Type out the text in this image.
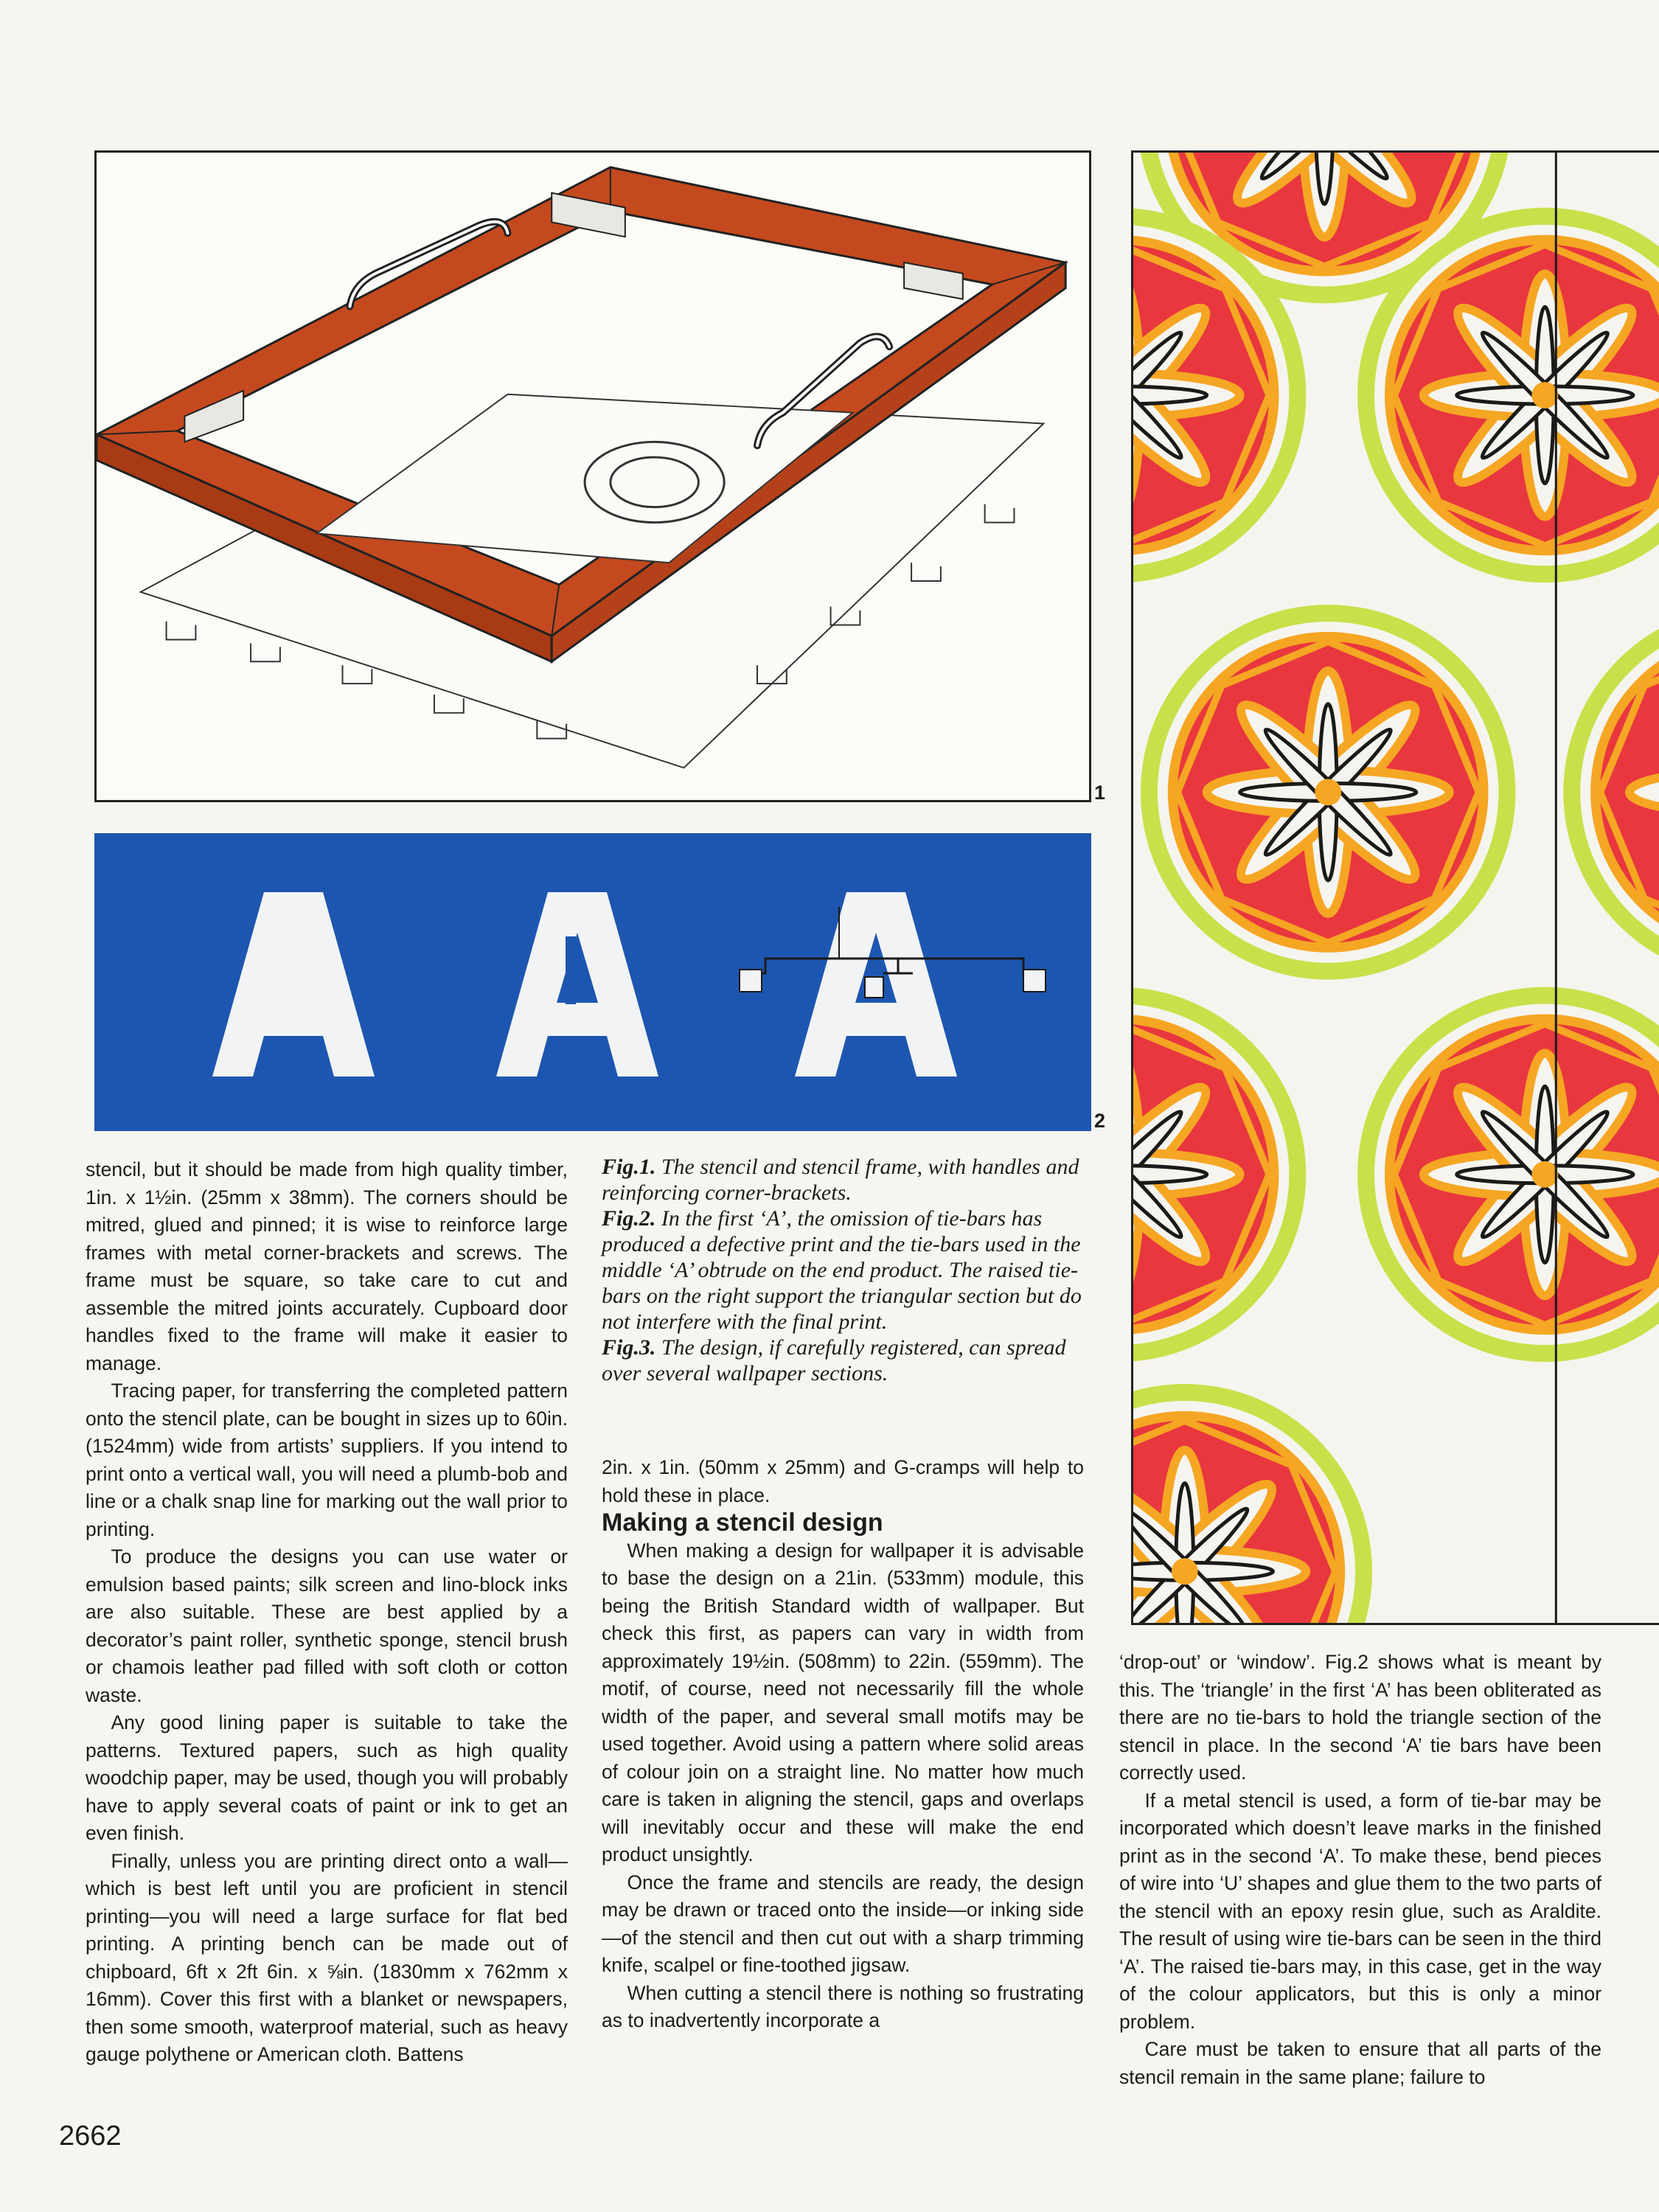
1
2
Fig.1. The stencil and stencil frame, with handles and reinforcing corner-brackets.
Fig.2. In the first ‘A’, the omission of tie-bars has produced a defective print and the tie-bars used in the middle ‘A’ obtrude on the end product. The raised tie-bars on the right support the triangular section but do not interfere with the final print.
Fig.3. The design, if carefully registered, can spread over several wallpaper sections.

stencil, but it should be made from high quality timber, 1in. x 1½in. (25mm x 38mm). The corners should be mitred, glued and pinned; it is wise to reinforce large frames with metal corner-brackets and screws. The frame must be square, so take care to cut and assemble the mitred joints accurately. Cupboard door handles fixed to the frame will make it easier to manage.

Tracing paper, for transferring the completed pattern onto the stencil plate, can be bought in sizes up to 60in. (1524mm) wide from artists’ suppliers. If you intend to print onto a vertical wall, you will need a plumb-bob and line or a chalk snap line for marking out the wall prior to printing.

To produce the designs you can use water or emulsion based paints; silk screen and lino-block inks are also suitable. These are best applied by a decorator’s paint roller, synthetic sponge, stencil brush or chamois leather pad filled with soft cloth or cotton waste.

Any good lining paper is suitable to take the patterns. Textured papers, such as high quality woodchip paper, may be used, though you will probably have to apply several coats of paint or ink to get an even finish.

Finally, unless you are printing direct onto a wall—which is best left until you are proficient in stencil printing—you will need a large surface for flat bed printing. A printing bench can be made out of chipboard, 6ft x 2ft 6in. x ⅝in. (1830mm x 762mm x 16mm). Cover this first with a blanket or newspapers, then some smooth, waterproof material, such as heavy gauge polythene or American cloth. Battens

2in. x 1in. (50mm x 25mm) and G-cramps will help to hold these in place.

Making a stencil design

When making a design for wallpaper it is advisable to base the design on a 21in. (533mm) module, this being the British Standard width of wallpaper. But check this first, as papers can vary in width from approximately 19½in. (508mm) to 22in. (559mm). The motif, of course, need not necessarily fill the whole width of the paper, and several small motifs may be used together. Avoid using a pattern where solid areas of colour join on a straight line. No matter how much care is taken in aligning the stencil, gaps and overlaps will inevitably occur and these will make the end product unsightly.

Once the frame and stencils are ready, the design may be drawn or traced onto the inside—or inking side—of the stencil and then cut out with a sharp trimming knife, scalpel or fine-toothed jigsaw.

When cutting a stencil there is nothing so frustrating as to inadvertently incorporate a

‘drop-out’ or ‘window’. Fig.2 shows what is meant by this. The ‘triangle’ in the first ‘A’ has been obliterated as there are no tie-bars to hold the triangle section of the stencil in place. In the second ‘A’ tie bars have been correctly used.

If a metal stencil is used, a form of tie-bar may be incorporated which doesn’t leave marks in the finished print as in the second ‘A’. To make these, bend pieces of wire into ‘U’ shapes and glue them to the two parts of the stencil with an epoxy resin glue, such as Araldite. The result of using wire tie-bars can be seen in the third ‘A’. The raised tie-bars may, in this case, get in the way of the colour applicators, but this is only a minor problem.

Care must be taken to ensure that all parts of the stencil remain in the same plane; failure to

2662
